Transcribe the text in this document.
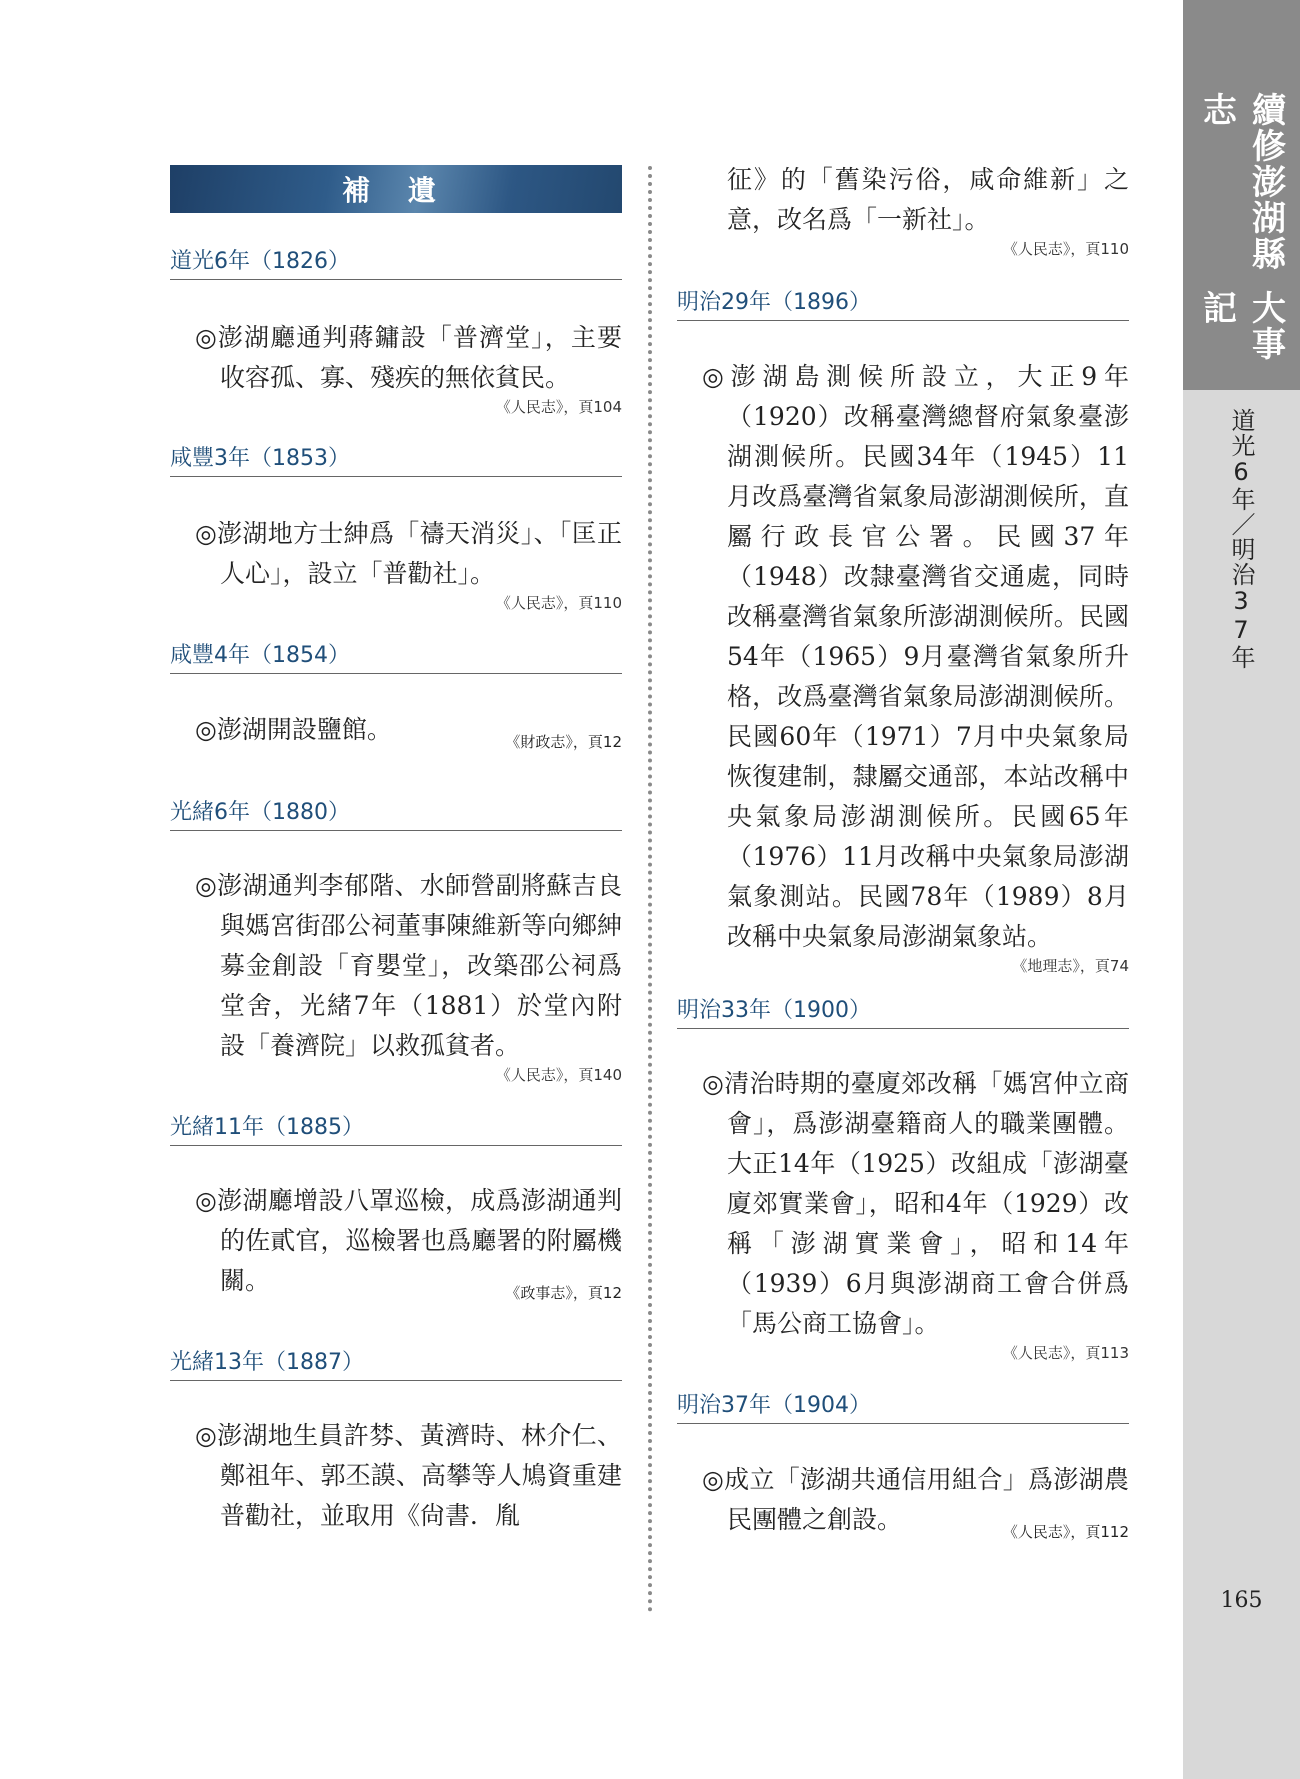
續修澎湖縣志
大事記
道光6年／明治37年
165
補 遺
道光6年（1826）

◎澎湖廳通判蔣鏞設「普濟堂」，主要收容孤、寡、殘疾的無依貧民。

《人民志》，頁104
咸豐3年（1853）

◎澎湖地方士紳爲「禱天消災」、「匡正人心」，設立「普勸社」。

《人民志》，頁110
咸豐4年（1854）

◎澎湖開設鹽館。	《財政志》，頁12

光緒6年（1880）

◎澎湖通判李郁階、水師營副將蘇吉良與媽宮街邵公祠董事陳維新等向鄉紳募金創設「育嬰堂」，改築邵公祠爲堂舍，光緒7年（1881）於堂內附設「養濟院」以救孤貧者。

《人民志》，頁140
光緒11年（1885）

◎澎湖廳增設八罩巡檢，成爲澎湖通判的佐貳官，巡檢署也爲廳署的附屬機關。	《政事志》，頁12

光緒13年（1887）

◎澎湖地生員許棼、黃濟時、林介仁、鄭祖年、郭丕謨、高攀等人鳩資重建普勸社，並取用《尙書．胤

征》的「舊染污俗，咸命維新」之意，改名爲「一新社」。

《人民志》，頁110
明治29年（1896）

◎澎湖島測候所設立，大正9年（1920）改稱臺灣總督府氣象臺澎湖測候所。民國34年（1945）11月改爲臺灣省氣象局澎湖測候所，直屬行政長官公署。民國37年（1948）改隸臺灣省交通處，同時改稱臺灣省氣象所澎湖測候所。民國54年（1965）9月臺灣省氣象所升格，改爲臺灣省氣象局澎湖測候所。民國60年（1971）7月中央氣象局恢復建制，隸屬交通部，本站改稱中央氣象局澎湖測候所。民國65年（1976）11月改稱中央氣象局澎湖氣象測站。民國78年（1989）8月改稱中央氣象局澎湖氣象站。

《地理志》，頁74
明治33年（1900）

◎清治時期的臺廈郊改稱「媽宮仲立商會」，爲澎湖臺籍商人的職業團體。大正14年（1925）改組成「澎湖臺廈郊實業會」，昭和4年（1929）改稱「澎湖實業會」，昭和14年（1939）6月與澎湖商工會合併爲「馬公商工協會」。

《人民志》，頁113
明治37年（1904）

◎成立「澎湖共通信用組合」爲澎湖農民團體之創設。	《人民志》，頁112
